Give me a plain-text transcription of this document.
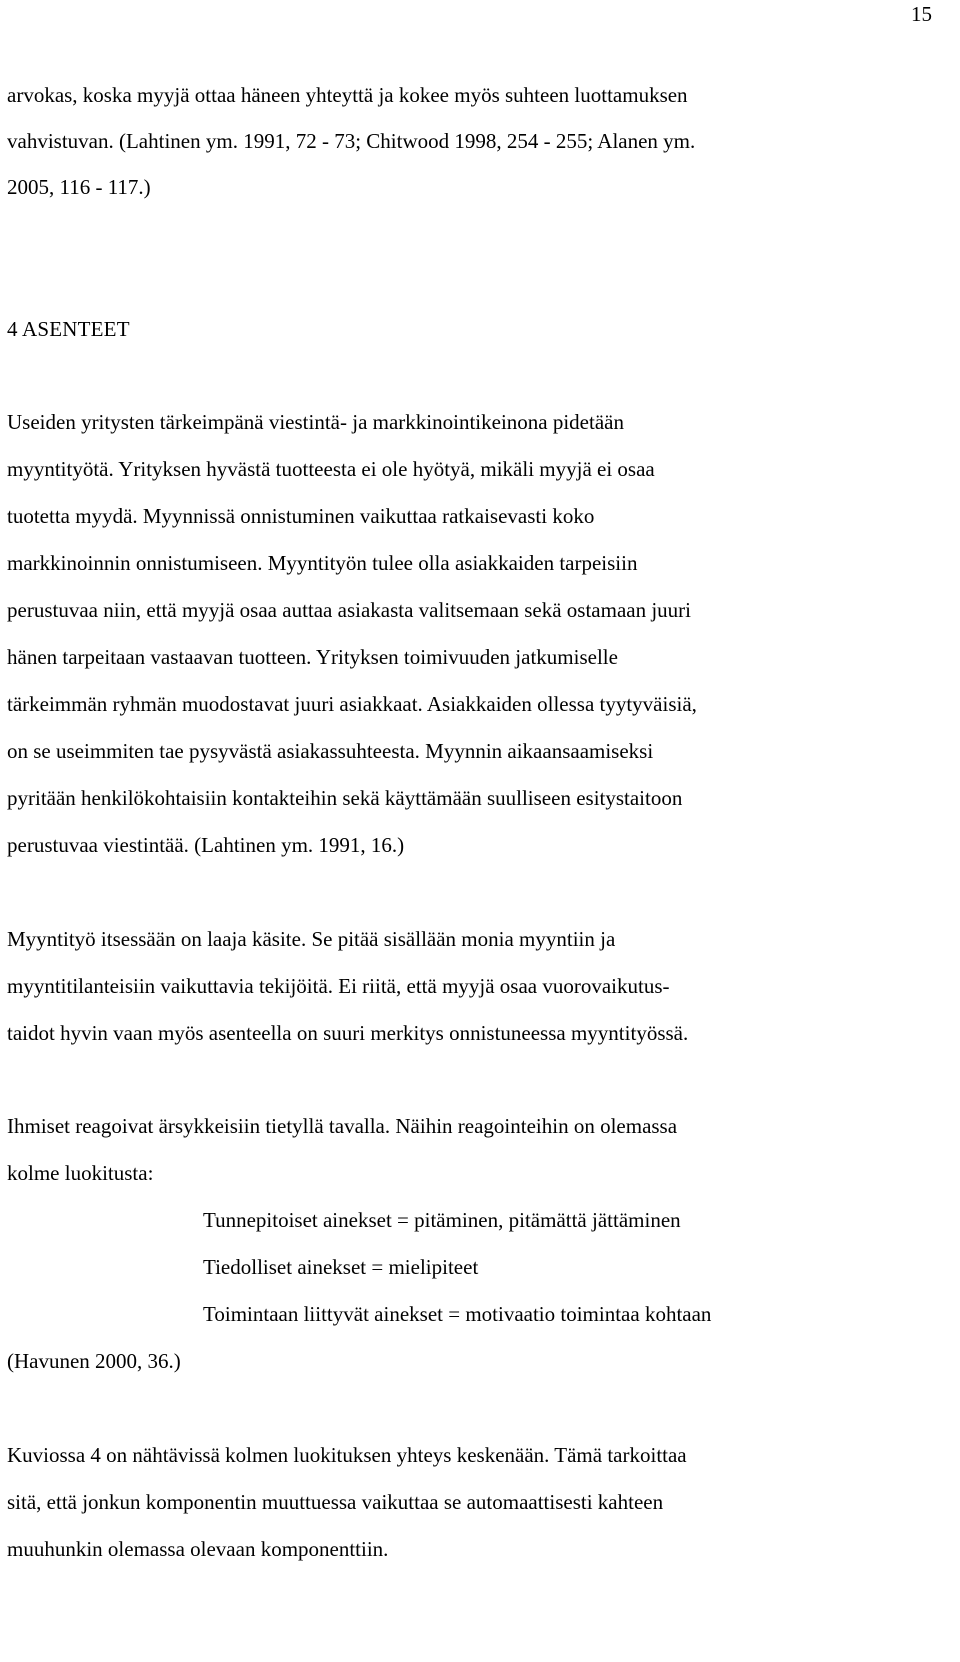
15
arvokas, koska myyjä ottaa häneen yhteyttä ja kokee myös suhteen luottamuksen
vahvistuvan. (Lahtinen ym. 1991, 72 - 73; Chitwood 1998, 254 - 255; Alanen ym.
2005, 116 - 117.)
4 ASENTEET
Useiden yritysten tärkeimpänä viestintä- ja markkinointikeinona pidetään
myyntityötä. Yrityksen hyvästä tuotteesta ei ole hyötyä, mikäli myyjä ei osaa
tuotetta myydä. Myynnissä onnistuminen vaikuttaa ratkaisevasti koko
markkinoinnin onnistumiseen. Myyntityön tulee olla asiakkaiden tarpeisiin
perustuvaa niin, että myyjä osaa auttaa asiakasta valitsemaan sekä ostamaan juuri
hänen tarpeitaan vastaavan tuotteen. Yrityksen toimivuuden jatkumiselle
tärkeimmän ryhmän muodostavat juuri asiakkaat. Asiakkaiden ollessa tyytyväisiä,
on se useimmiten tae pysyvästä asiakassuhteesta. Myynnin aikaansaamiseksi
pyritään henkilökohtaisiin kontakteihin sekä käyttämään suulliseen esitystaitoon
perustuvaa viestintää. (Lahtinen ym. 1991, 16.)
Myyntityö itsessään on laaja käsite. Se pitää sisällään monia myyntiin ja
myyntitilanteisiin vaikuttavia tekijöitä. Ei riitä, että myyjä osaa vuorovaikutus-
taidot hyvin vaan myös asenteella on suuri merkitys onnistuneessa myyntityössä.
Ihmiset reagoivat ärsykkeisiin tietyllä tavalla. Näihin reagointeihin on olemassa
kolme luokitusta:
Tunnepitoiset ainekset = pitäminen, pitämättä jättäminen
Tiedolliset ainekset = mielipiteet
Toimintaan liittyvät ainekset = motivaatio toimintaa kohtaan
(Havunen 2000, 36.)
Kuviossa 4 on nähtävissä kolmen luokituksen yhteys keskenään. Tämä tarkoittaa
sitä, että jonkun komponentin muuttuessa vaikuttaa se automaattisesti kahteen
muuhunkin olemassa olevaan komponenttiin.
